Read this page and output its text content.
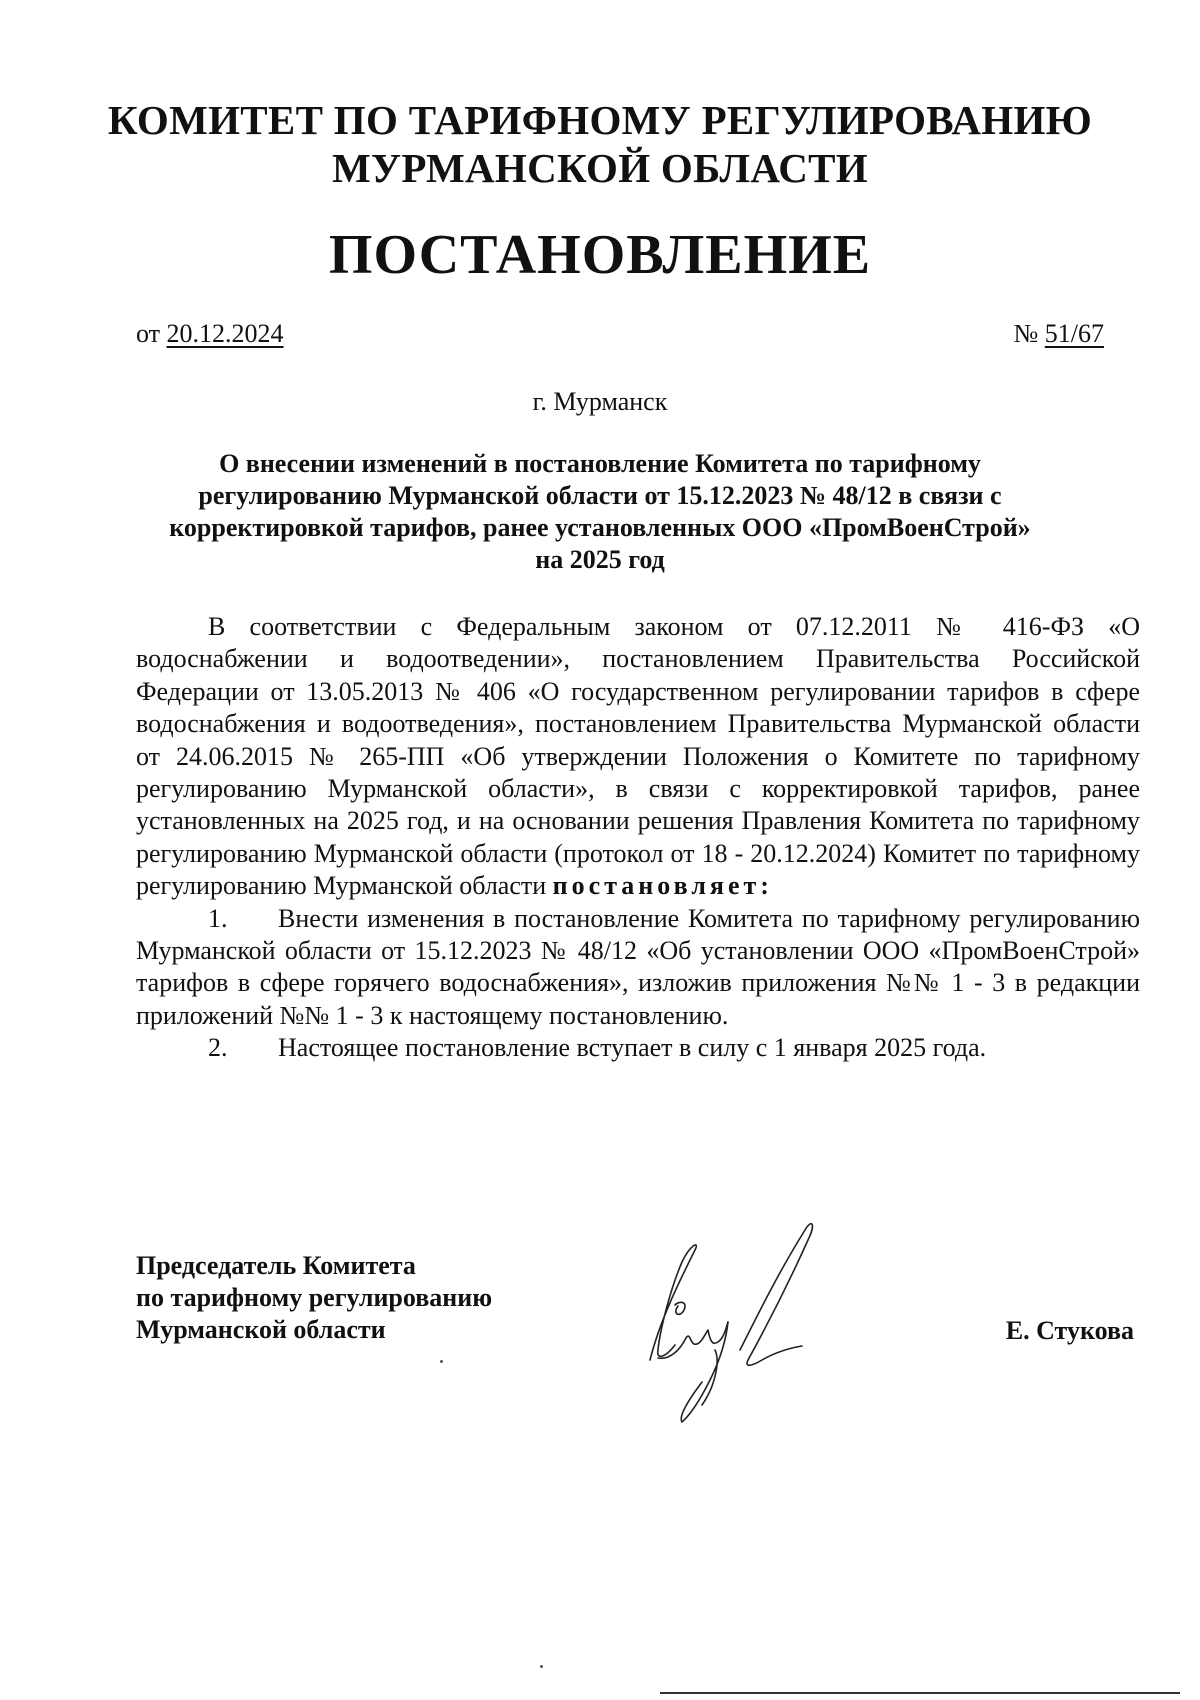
КОМИТЕТ ПО ТАРИФНОМУ РЕГУЛИРОВАНИЮ
МУРМАНСКОЙ ОБЛАСТИ
ПОСТАНОВЛЕНИЕ
от 20.12.2024	№ 51/67
г. Мурманск
О внесении изменений в постановление Комитета по тарифному
регулированию Мурманской области от 15.12.2023 № 48/12 в связи с
корректировкой тарифов, ранее установленных ООО «ПромВоенСтрой»
на 2025 год

В соответствии с Федеральным законом от 07.12.2011 № 416-ФЗ «О водоснабжении и водоотведении», постановлением Правительства Российской Федерации от 13.05.2013 № 406 «О государственном регулировании тарифов в сфере водоснабжения и водоотведения», постановлением Правительства Мурманской области от 24.06.2015 № 265-ПП «Об утверждении Положения о Комитете по тарифному регулированию Мурманской области», в связи с корректировкой тарифов, ранее установленных на 2025 год, и на основании решения Правления Комитета по тарифному регулированию Мурманской области (протокол от 18 - 20.12.2024) Комитет по тарифному регулированию Мурманской области постановляет:

1. Внести изменения в постановление Комитета по тарифному регулированию Мурманской области от 15.12.2023 № 48/12 «Об установлении ООО «ПромВоенСтрой» тарифов в сфере горячего водоснабжения», изложив приложения №№ 1 - 3 в редакции приложений №№ 1 - 3 к настоящему постановлению.

2. Настоящее постановление вступает в силу с 1 января 2025 года.

Председатель Комитета
по тарифному регулированию
Мурманской области	Е. Стукова
